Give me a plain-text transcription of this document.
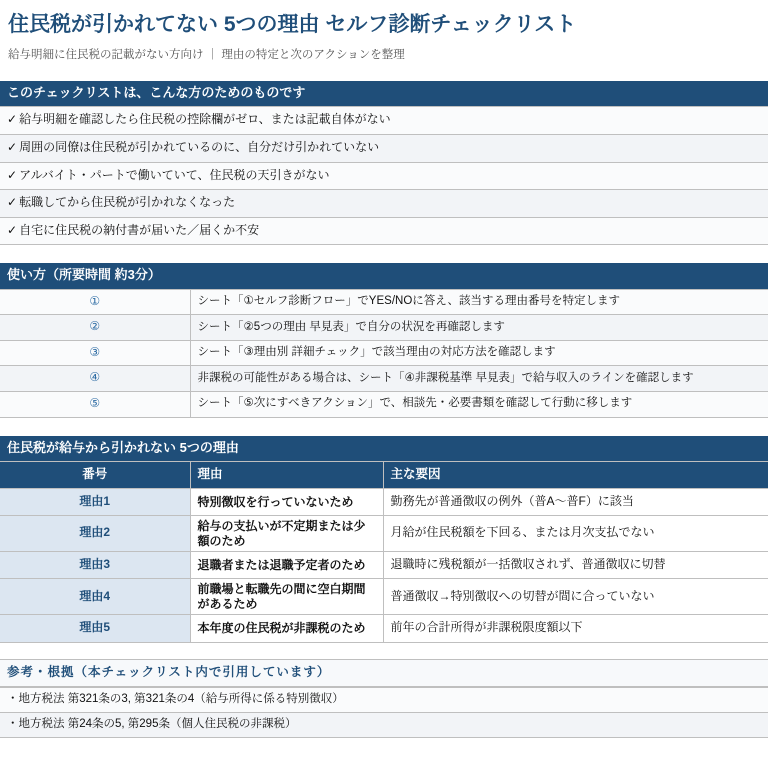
住民税が引かれてない 5つの理由 セルフ診断チェックリスト

給与明細に住民税の記載がない方向け ｜ 理由の特定と次のアクションを整理

このチェックリストは、こんな方のためのものです
✓ 給与明細を確認したら住民税の控除欄がゼロ、または記載自体がない
✓ 周囲の同僚は住民税が引かれているのに、自分だけ引かれていない
✓ アルバイト・パートで働いていて、住民税の天引きがない
✓ 転職してから住民税が引かれなくなった
✓ 自宅に住民税の納付書が届いた／届くか不安
使い方（所要時間 約3分）
①	シート「①セルフ診断フロー」でYES/NOに答え、該当する理由番号を特定します
②	シート「②5つの理由 早見表」で自分の状況を再確認します
③	シート「③理由別 詳細チェック」で該当理由の対応方法を確認します
④	非課税の可能性がある場合は、シート「④非課税基準 早見表」で給与収入のラインを確認します
⑤	シート「⑤次にすべきアクション」で、相談先・必要書類を確認して行動に移します
住民税が給与から引かれない 5つの理由
番号	理由	主な要因
理由1	特別徴収を行っていないため	勤務先が普通徴収の例外（普A〜普F）に該当
理由2	給与の支払いが不定期または少額のため	月給が住民税額を下回る、または月次支払でない
理由3	退職者または退職予定者のため	退職時に残税額が一括徴収されず、普通徴収に切替
理由4	前職場と転職先の間に空白期間があるため	普通徴収→特別徴収への切替が間に合っていない
理由5	本年度の住民税が非課税のため	前年の合計所得が非課税限度額以下
参考・根拠（本チェックリスト内で引用しています）
・地方税法 第321条の3, 第321条の4（給与所得に係る特別徴収）
・地方税法 第24条の5, 第295条（個人住民税の非課税）
